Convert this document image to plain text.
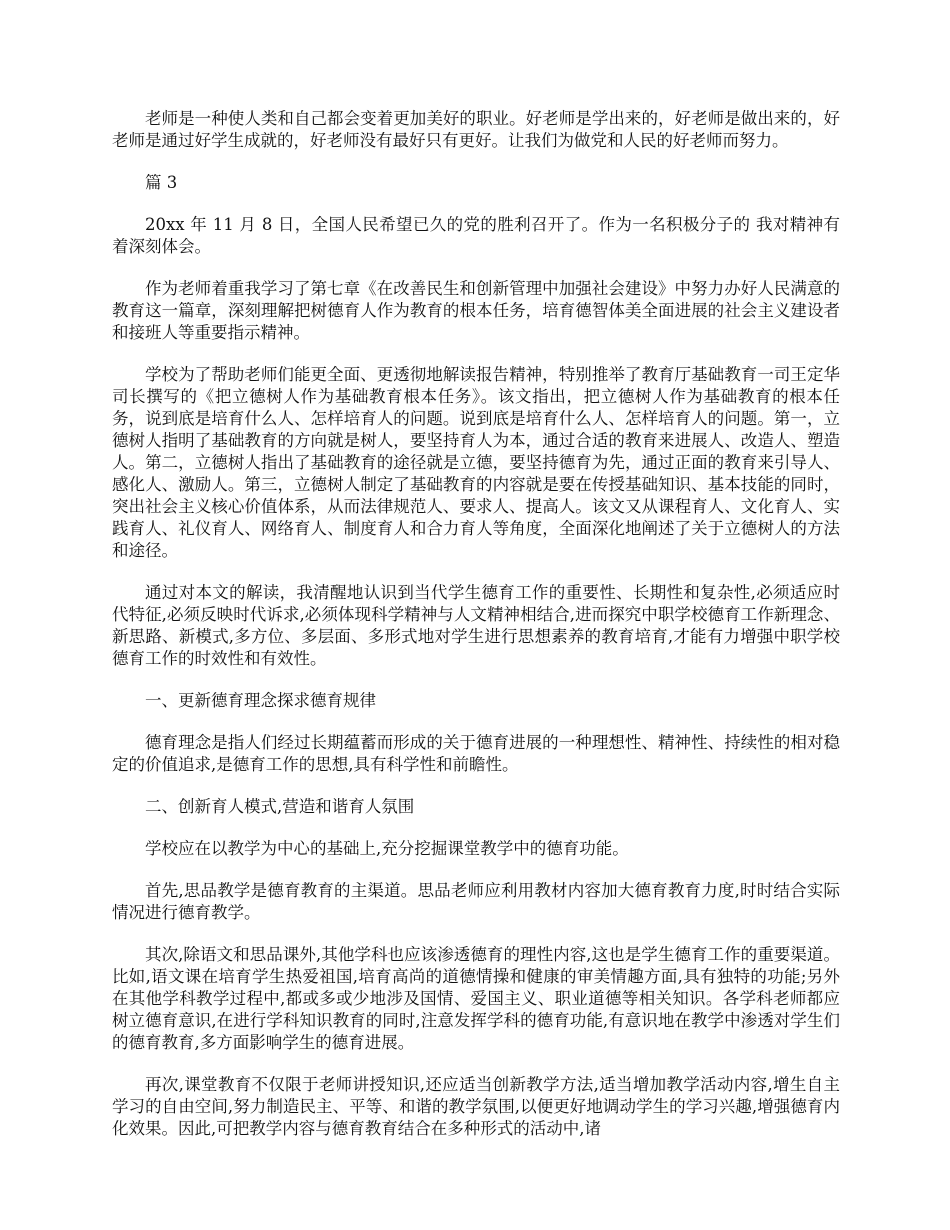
老师是一种使人类和自己都会变着更加美好的职业。好老师是学出来的，好老师是做出来的，好老师是通过好学生成就的，好老师没有最好只有更好。让我们为做党和人民的好老师而努力。

篇 3

20xx 年 11 月 8 日，全国人民希望已久的党的胜利召开了。作为一名积极分子的 我对精神有着深刻体会。

作为老师着重我学习了第七章《在改善民生和创新管理中加强社会建设》中努力办好人民满意的教育这一篇章，深刻理解把树德育人作为教育的根本任务，培育德智体美全面进展的社会主义建设者和接班人等重要指示精神。

学校为了帮助老师们能更全面、更透彻地解读报告精神，特别推举了教育厅基础教育一司王定华司长撰写的《把立德树人作为基础教育根本任务》。该文指出，把立德树人作为基础教育的根本任务，说到底是培育什么人、怎样培育人的问题。说到底是培育什么人、怎样培育人的问题。第一，立德树人指明了基础教育的方向就是树人，要坚持育人为本，通过合适的教育来进展人、改造人、塑造人。第二，立德树人指出了基础教育的途径就是立德，要坚持德育为先，通过正面的教育来引导人、感化人、激励人。第三，立德树人制定了基础教育的内容就是要在传授基础知识、基本技能的同时，突出社会主义核心价值体系，从而法律规范人、要求人、提高人。该文又从课程育人、文化育人、实践育人、礼仪育人、网络育人、制度育人和合力育人等角度，全面深化地阐述了关于立德树人的方法和途径。

通过对本文的解读，我清醒地认识到当代学生德育工作的重要性、长期性和复杂性,必须适应时代特征,必须反映时代诉求,必须体现科学精神与人文精神相结合,进而探究中职学校德育工作新理念、新思路、新模式,多方位、多层面、多形式地对学生进行思想素养的教育培育,才能有力增强中职学校德育工作的时效性和有效性。

一、更新德育理念探求德育规律

德育理念是指人们经过长期蕴蓄而形成的关于德育进展的一种理想性、精神性、持续性的相对稳定的价值追求,是德育工作的思想,具有科学性和前瞻性。

二、创新育人模式,营造和谐育人氛围

学校应在以教学为中心的基础上,充分挖掘课堂教学中的德育功能。

首先,思品教学是德育教育的主渠道。思品老师应利用教材内容加大德育教育力度,时时结合实际情况进行德育教学。

其次,除语文和思品课外,其他学科也应该渗透德育的理性内容,这也是学生德育工作的重要渠道。比如,语文课在培育学生热爱祖国,培育高尚的道德情操和健康的审美情趣方面,具有独特的功能;另外在其他学科教学过程中,都或多或少地涉及国情、爱国主义、职业道德等相关知识。各学科老师都应树立德育意识,在进行学科知识教育的同时,注意发挥学科的德育功能,有意识地在教学中渗透对学生们的德育教育,多方面影响学生的德育进展。

再次,课堂教育不仅限于老师讲授知识,还应适当创新教学方法,适当增加教学活动内容,增生自主学习的自由空间,努力制造民主、平等、和谐的教学氛围,以便更好地调动学生的学习兴趣,增强德育内化效果。因此,可把教学内容与德育教育结合在多种形式的活动中,诸
